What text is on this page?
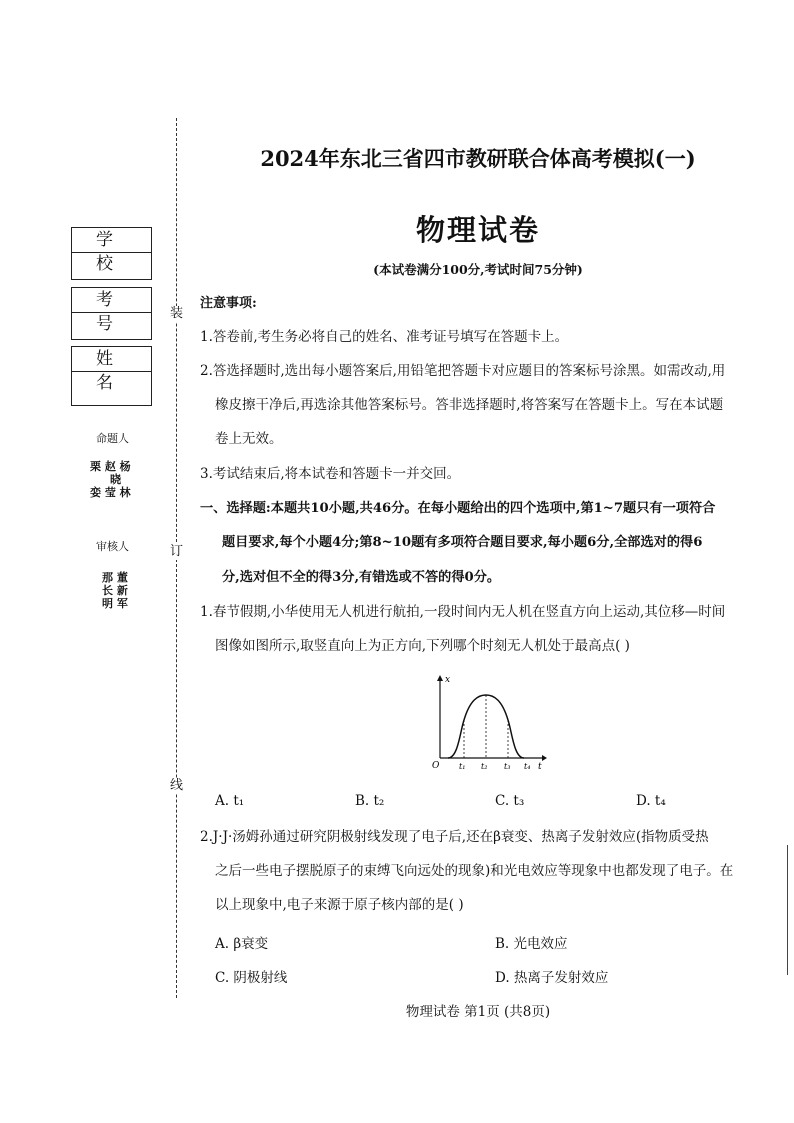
装
订
线
学 校
考 号
姓 名
命题人
栗 赵 杨
晓
娈 莹 林
审核人
那 董
长 新
明 军
2024年东北三省四市教研联合体高考模拟(一)
物理试卷
(本试卷满分100分,考试时间75分钟)
注意事项:
1.答卷前,考生务必将自己的姓名、准考证号填写在答题卡上。
2.答选择题时,选出每小题答案后,用铅笔把答题卡对应题目的答案标号涂黑。如需改动,用
橡皮擦干净后,再选涂其他答案标号。答非选择题时,将答案写在答题卡上。写在本试题
卷上无效。
3.考试结束后,将本试卷和答题卡一并交回。
一、选择题:本题共10小题,共46分。在每小题给出的四个选项中,第1~7题只有一项符合
题目要求,每个小题4分;第8~10题有多项符合题目要求,每小题6分,全部选对的得6
分,选对但不全的得3分,有错选或不答的得0分。
1.春节假期,小华使用无人机进行航拍,一段时间内无人机在竖直方向上运动,其位移—时间
图像如图所示,取竖直向上为正方向,下列哪个时刻无人机处于最高点( )
x
t
O t₁ t₂ t₃ t₄
A. t₁	B. t₂	C. t₃	D. t₄
2.J·J·汤姆孙通过研究阴极射线发现了电子后,还在β衰变、热离子发射效应(指物质受热
之后一些电子摆脱原子的束缚飞向远处的现象)和光电效应等现象中也都发现了电子。在
以上现象中,电子来源于原子核内部的是( )
A. β衰变	B. 光电效应
C. 阴极射线	D. 热离子发射效应
物理试卷 第1页 (共8页)
